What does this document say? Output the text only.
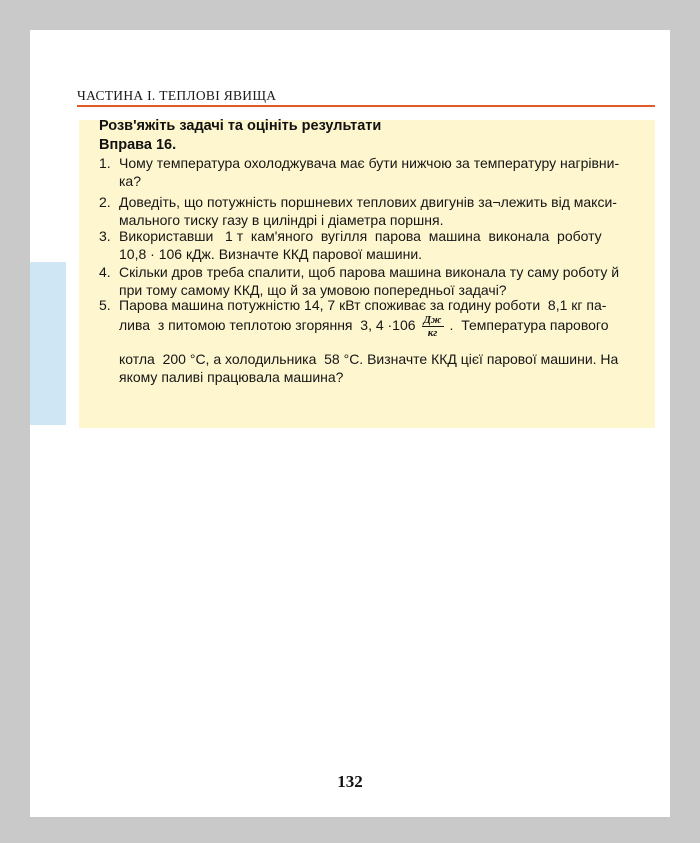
ЧАСТИНА І. ТЕПЛОВІ ЯВИЩА
Розв'яжіть задачі та оцініть результати
Вправа 16.
1. Чому температура охолоджувача має бути нижчою за температуру нагрівни-
ка?
2. Доведіть, що потужність поршневих теплових двигунів за¬лежить від макси-
мального тиску газу в циліндрі і діаметра поршня.
3. Використавши   1 т  кам'яного  вугілля  парова  машина  виконала  роботу
10,8 · 106 кДж. Визначте ККД парової машини.
4. Скільки дров треба спалити, щоб парова машина виконала ту саму роботу й
при тому самому ККД, що й за умовою попередньої задачі?
5. Парова машина потужністю 14, 7 кВт споживає за годину роботи  8,1 кг па-
лива  з питомою теплотою згоряння  3, $4 \cdot 106 \frac{Дж}{кг}$ .  Температура парового
котла  200 °С, а холодильника  58 °С. Визначте ККД цієї парової машини. На
якому паливі працювала машина?
132
